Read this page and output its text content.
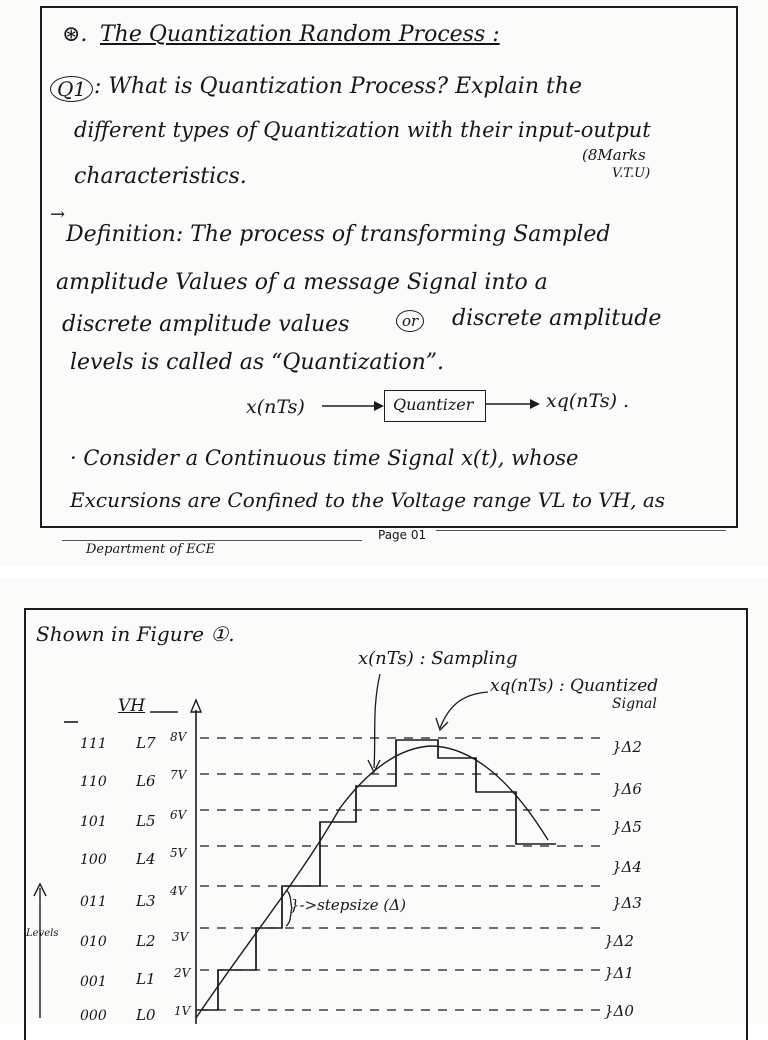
⊛. The Quantization Random Process :
Q1 : What is Quantization Process? Explain the
different types of Quantization with their input-output
characteristics.
(8Marks
V.T.U)
→
Definition: The process of transforming Sampled
amplitude Values of a message Signal into a
discrete amplitude values	or discrete amplitude
levels is called as “Quantization”.
x(nTs)	Quantizer	xq(nTs) .
· Consider a Continuous time Signal x(t), whose
Excursions are Confined to the Voltage range VL to VH, as
Page 01
Department of ECE
Shown in Figure ①.
x(nTs) : Sampling
xq(nTs) : Quantized
Signal
VH
Levels
}->stepsize (Δ)
111 L7 8V
}Δ2
110 L6 7V
}Δ6
101 L5 6V
}Δ5
100 L4 5V
}Δ4
011 L3
4V
}Δ3
010 L2 3V	}Δ2
001 L1 2V	}Δ1
000 L0 1V	}Δ0
